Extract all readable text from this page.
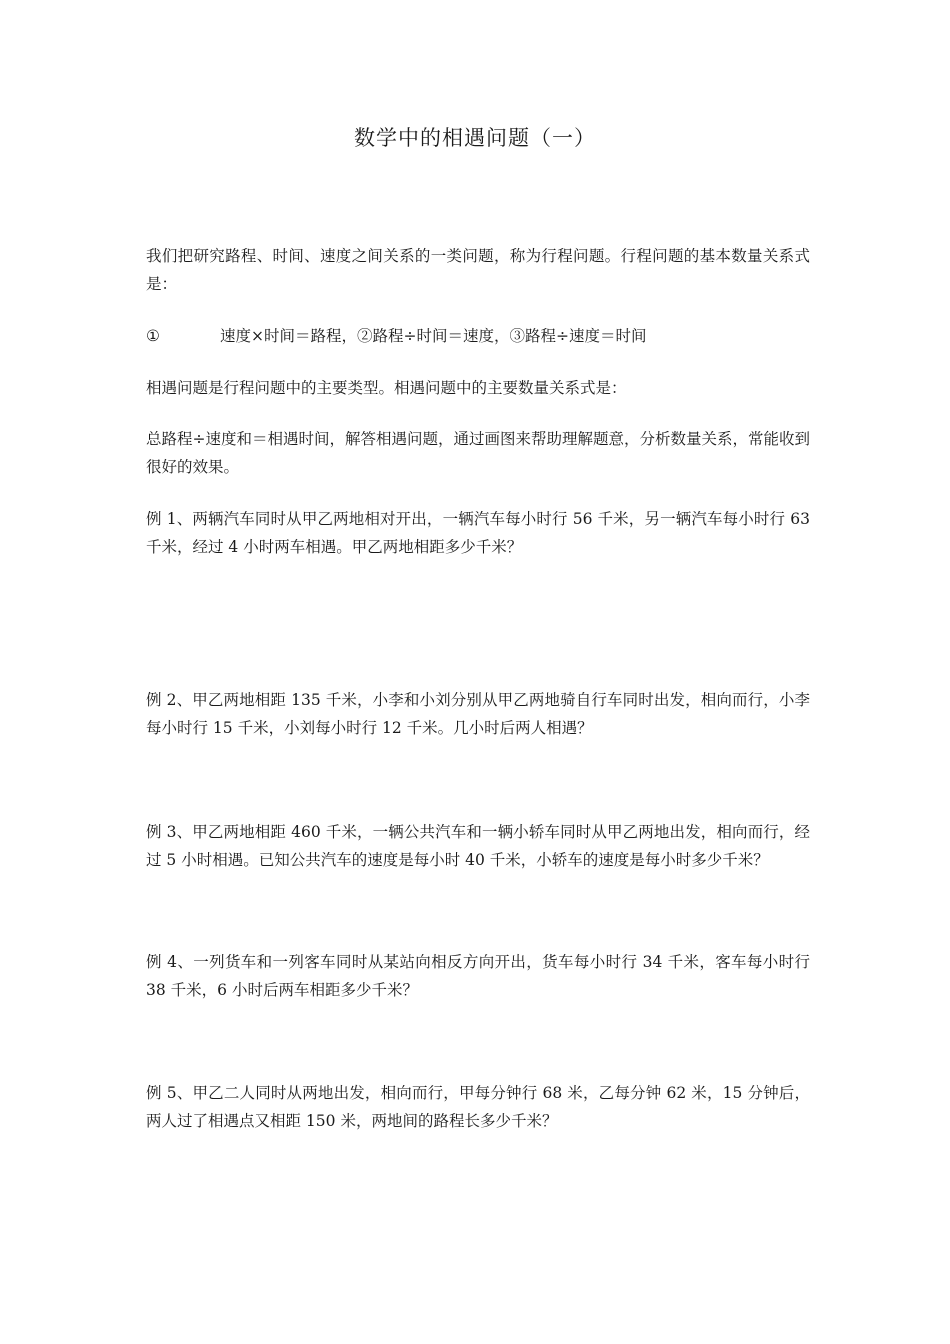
数学中的相遇问题（一）
我们把研究路程、时间、速度之间关系的一类问题，称为行程问题。行程问题的基本数量关系式是：
①	速度×时间＝路程，②路程÷时间＝速度，③路程÷速度＝时间
相遇问题是行程问题中的主要类型。相遇问题中的主要数量关系式是：
总路程÷速度和＝相遇时间，解答相遇问题，通过画图来帮助理解题意，分析数量关系，常能收到很好的效果。
例 1、两辆汽车同时从甲乙两地相对开出，一辆汽车每小时行 56 千米，另一辆汽车每小时行 63 千米，经过 4 小时两车相遇。甲乙两地相距多少千米？
例 2、甲乙两地相距 135 千米，小李和小刘分别从甲乙两地骑自行车同时出发，相向而行，小李每小时行 15 千米，小刘每小时行 12 千米。几小时后两人相遇？
例 3、甲乙两地相距 460 千米，一辆公共汽车和一辆小轿车同时从甲乙两地出发，相向而行，经过 5 小时相遇。已知公共汽车的速度是每小时 40 千米，小轿车的速度是每小时多少千米？
例 4、一列货车和一列客车同时从某站向相反方向开出，货车每小时行 34 千米，客车每小时行 38 千米，6 小时后两车相距多少千米？
例 5、甲乙二人同时从两地出发，相向而行，甲每分钟行 68 米，乙每分钟 62 米，15 分钟后，两人过了相遇点又相距 150 米，两地间的路程长多少千米？
